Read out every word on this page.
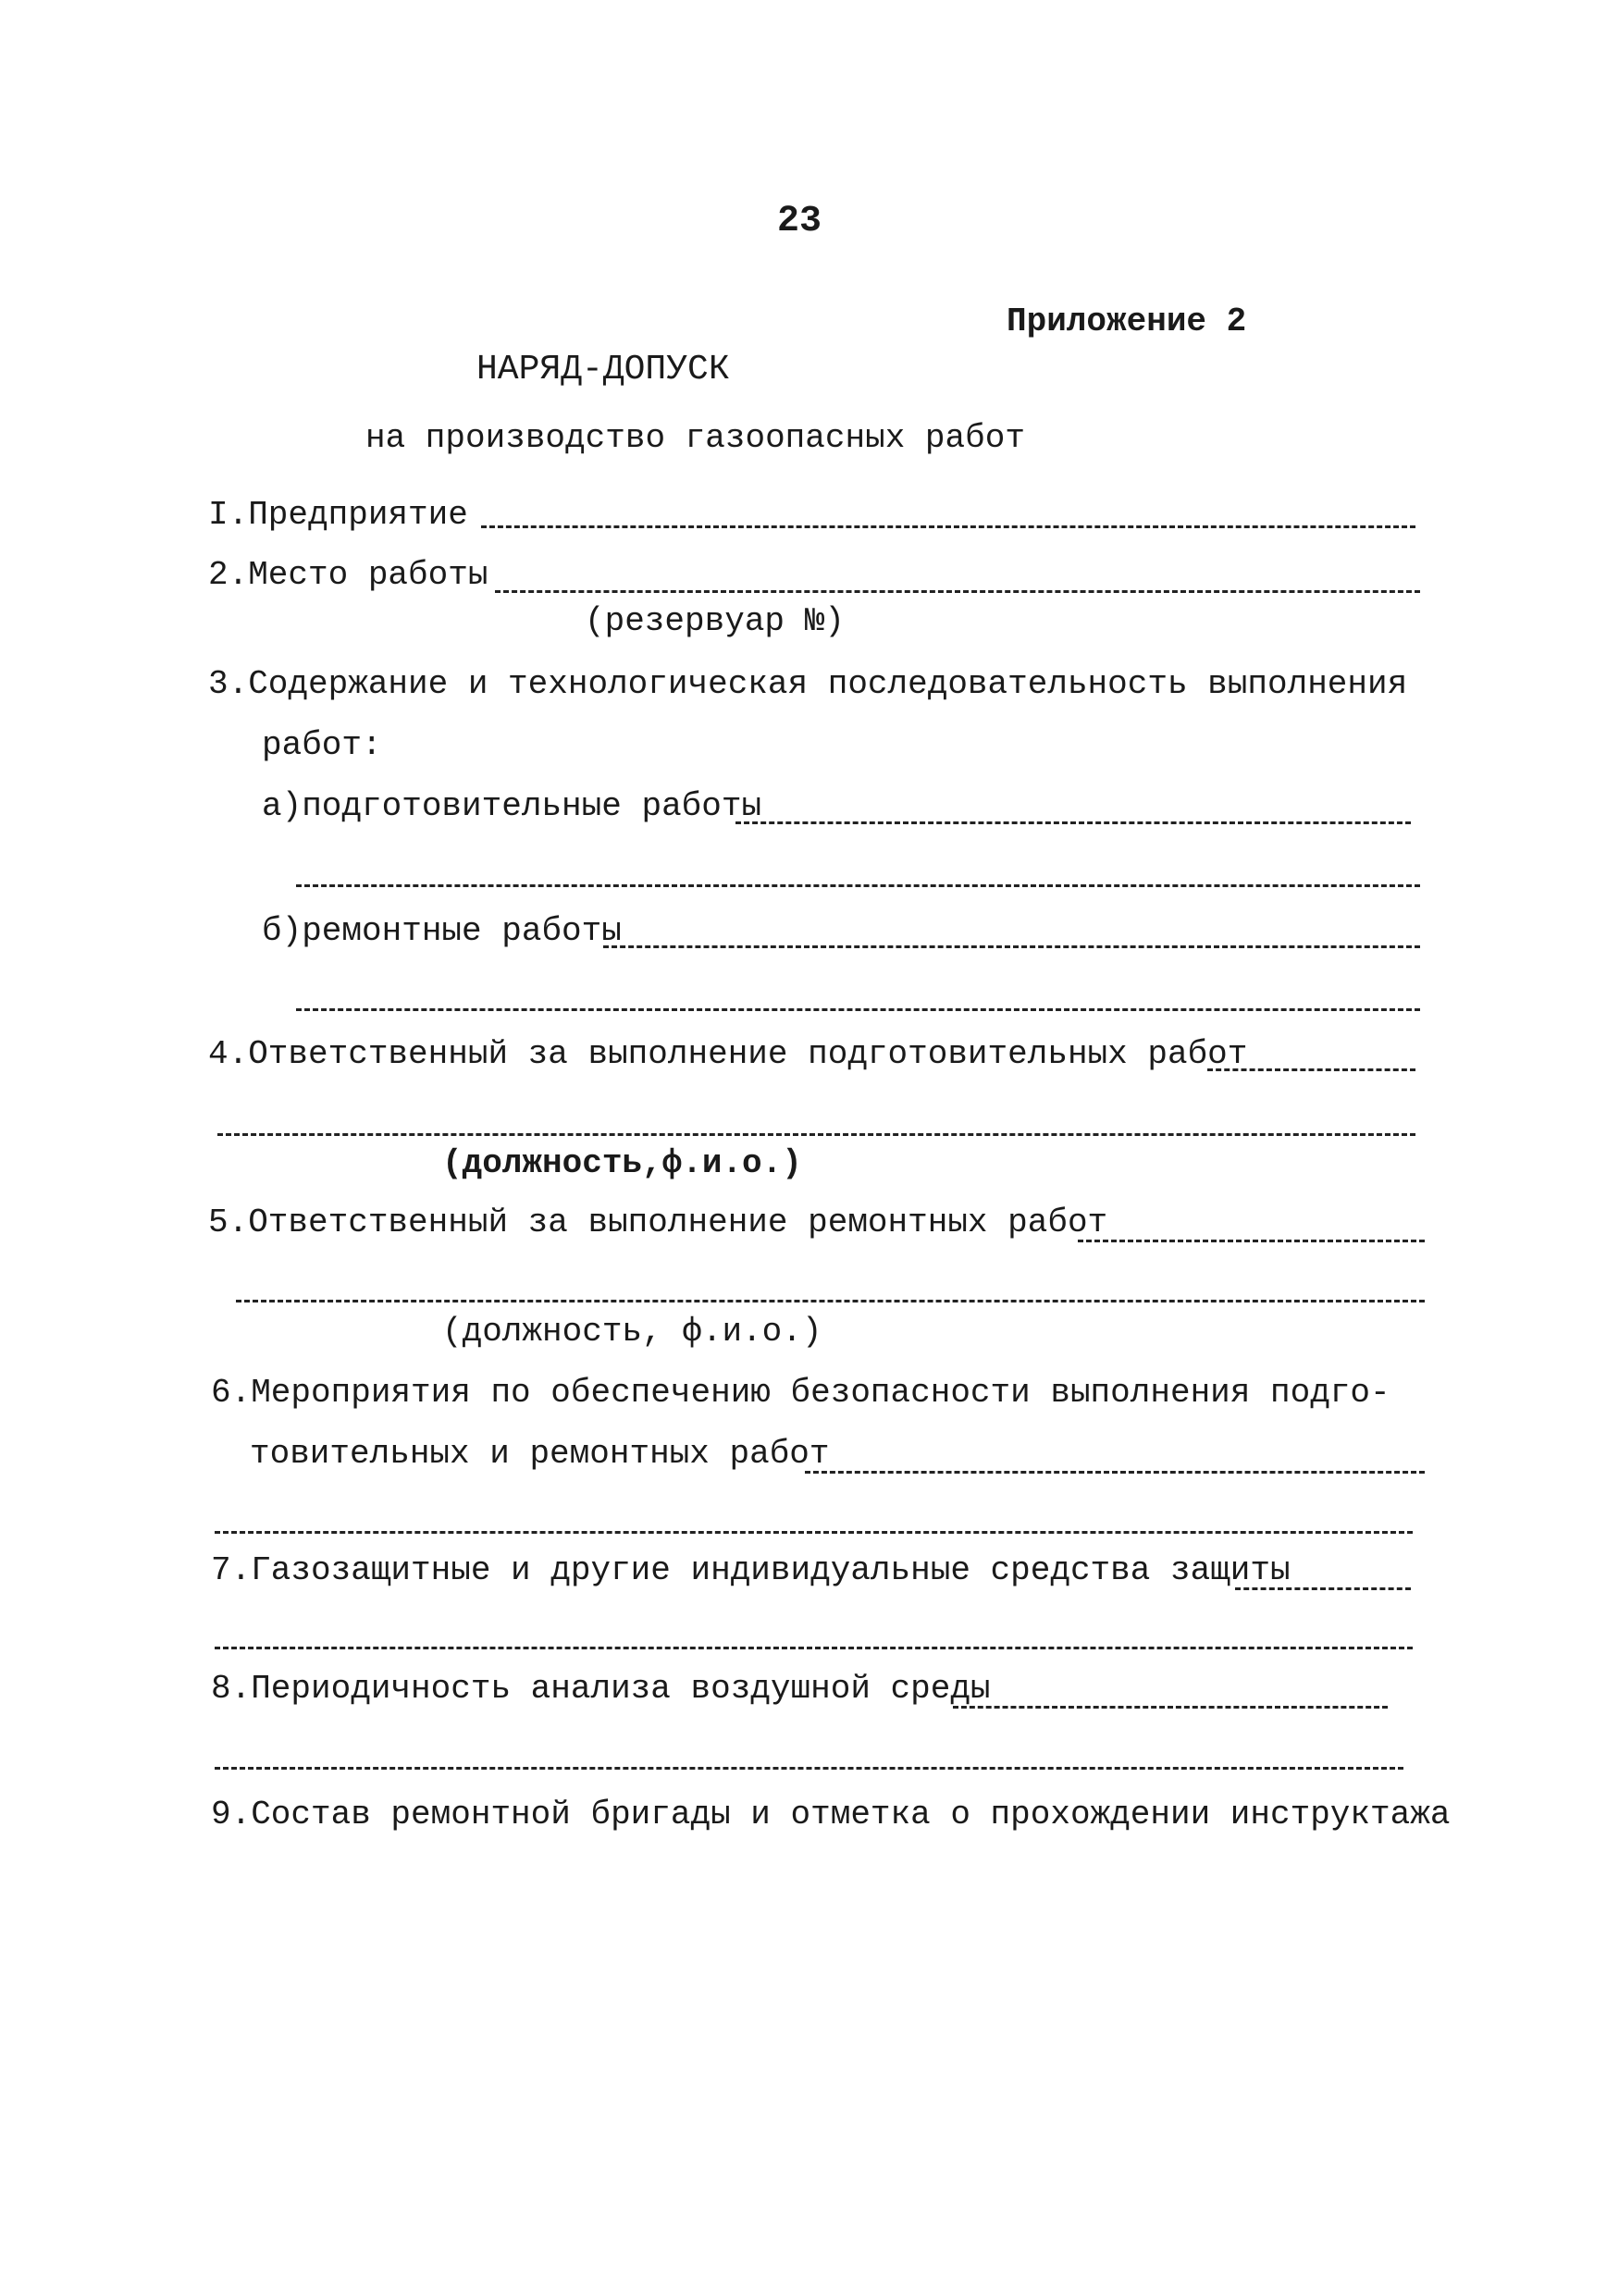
23
Приложение 2
НАРЯД-ДОПУСК
на производство газоопасных работ
I.Предприятие
2.Место работы
(резервуар №)
3.Содержание и технологическая последовательность выполнения
работ:
а)подготовительные работы
б)ремонтные работы
4.Ответственный за выполнение подготовительных работ
(должность,ф.и.о.)
5.Ответственный за выполнение ремонтных работ
(должность, ф.и.о.)
6.Мероприятия по обеспечению безопасности выполнения подго-
товительных и ремонтных работ
7.Газозащитные и другие индивидуальные средства защиты
8.Периодичность анализа воздушной среды
9.Состав ремонтной бригады и отметка о прохождении инструктажа
